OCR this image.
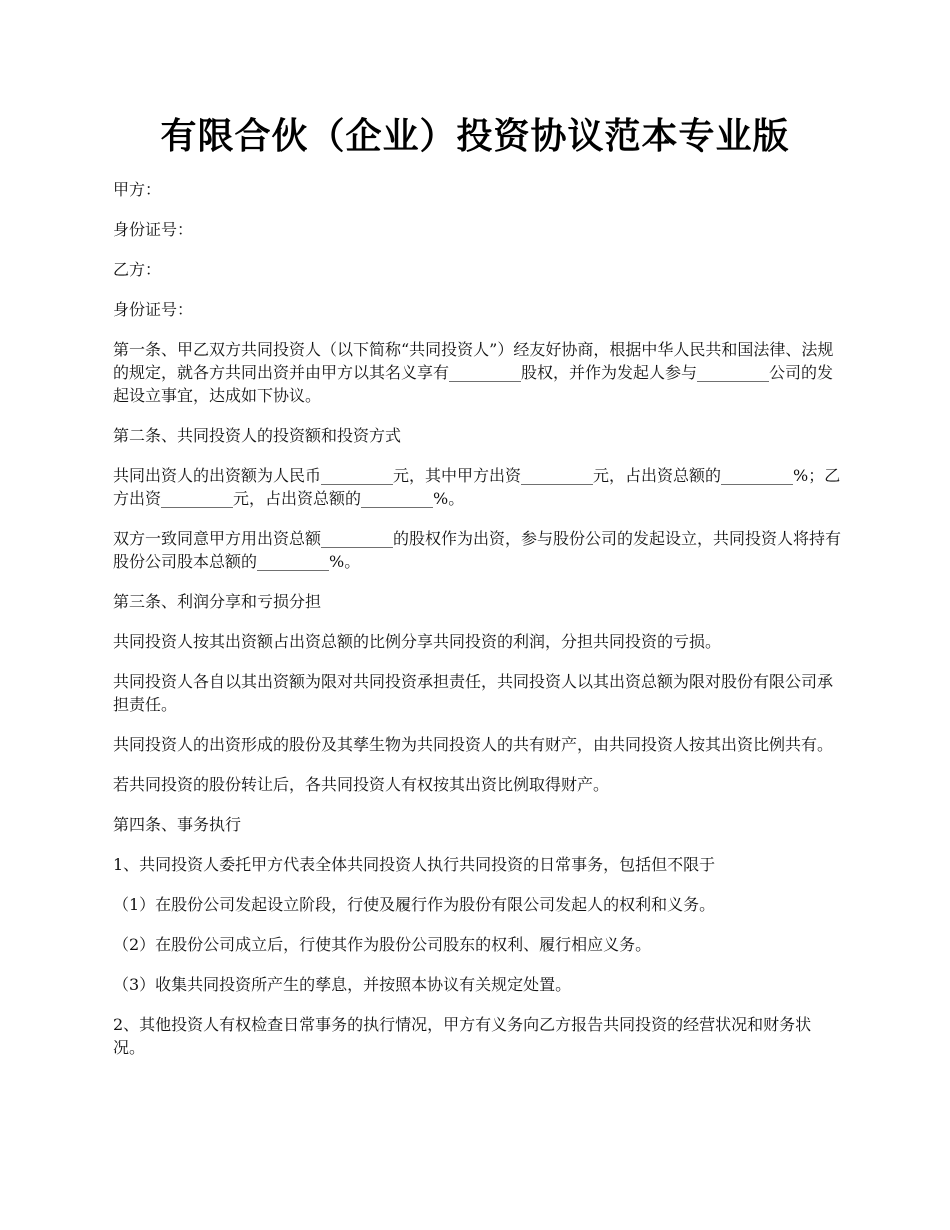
有限合伙（企业）投资协议范本专业版

甲方：

身份证号：

乙方：

身份证号：

第一条、甲乙双方共同投资人（以下简称“共同投资人”）经友好协商，根据中华人民共和国法律、法规的规定，就各方共同出资并由甲方以其名义享有_________股权，并作为发起人参与_________公司的发起设立事宜，达成如下协议。

第二条、共同投资人的投资额和投资方式

共同出资人的出资额为人民币_________元，其中甲方出资_________元，占出资总额的_________%；乙方出资_________元，占出资总额的_________%。

双方一致同意甲方用出资总额_________的股权作为出资，参与股份公司的发起设立，共同投资人将持有股份公司股本总额的_________%。

第三条、利润分享和亏损分担

共同投资人按其出资额占出资总额的比例分享共同投资的利润，分担共同投资的亏损。

共同投资人各自以其出资额为限对共同投资承担责任，共同投资人以其出资总额为限对股份有限公司承担责任。

共同投资人的出资形成的股份及其孳生物为共同投资人的共有财产，由共同投资人按其出资比例共有。

若共同投资的股份转让后，各共同投资人有权按其出资比例取得财产。

第四条、事务执行

1、共同投资人委托甲方代表全体共同投资人执行共同投资的日常事务，包括但不限于

（1）在股份公司发起设立阶段，行使及履行作为股份有限公司发起人的权利和义务。

（2）在股份公司成立后，行使其作为股份公司股东的权利、履行相应义务。

（3）收集共同投资所产生的孳息，并按照本协议有关规定处置。

2、其他投资人有权检查日常事务的执行情况，甲方有义务向乙方报告共同投资的经营状况和财务状况。
